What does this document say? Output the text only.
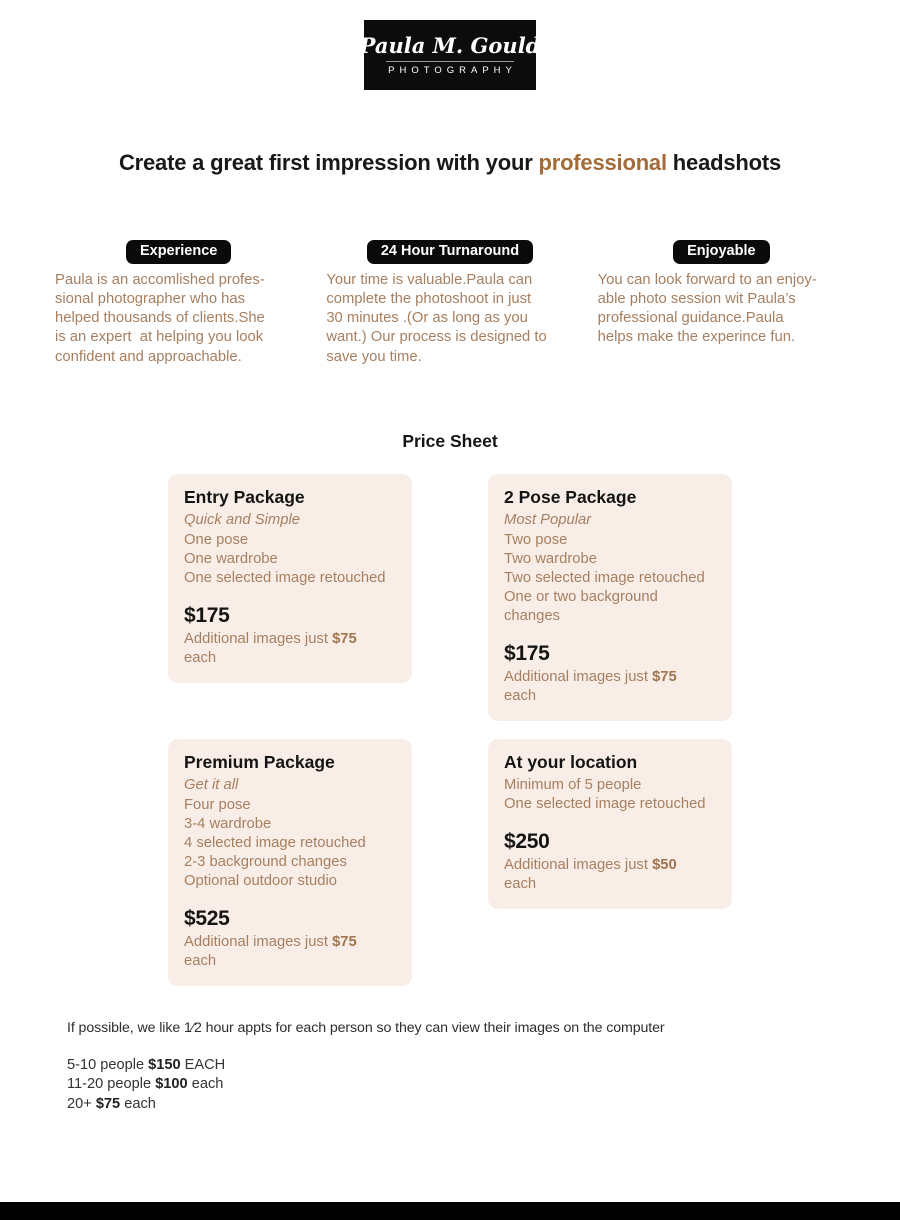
Paula M. Gould
PHOTOGRAPHY
Create a great first impression with your professional headshots
Experience
Paula is an accomlished profes-
sional photographer who has
helped thousands of clients.She
is an expert  at helping you look
confident and approachable.
24 Hour Turnaround
Your time is valuable.Paula can
complete the photoshoot in just
30 minutes .(Or as long as you
want.) Our process is designed to
save you time.
Enjoyable
You can look forward to an enjoy-
able photo session wit Paula’s
professional guidance.Paula
helps make the experince fun.
Price Sheet
Entry Package
Quick and Simple
One pose
One wardrobe
One selected image retouched
$175
Additional images just $75 each
2 Pose Package
Most Popular
Two pose
Two wardrobe
Two selected image retouched
One or two background changes
$175
Additional images just $75 each
Premium Package
Get it all
Four pose
3-4 wardrobe
4 selected image retouched
2-3 background changes
Optional outdoor studio
$525
Additional images just $75 each
At your location
Minimum of 5 people
One selected image retouched
$250
Additional images just $50 each
If possible, we like 1⁄2 hour appts for each person so they can view their images on the computer
5-10 people $150 EACH
11-20 people $100 each
20+ $75 each
